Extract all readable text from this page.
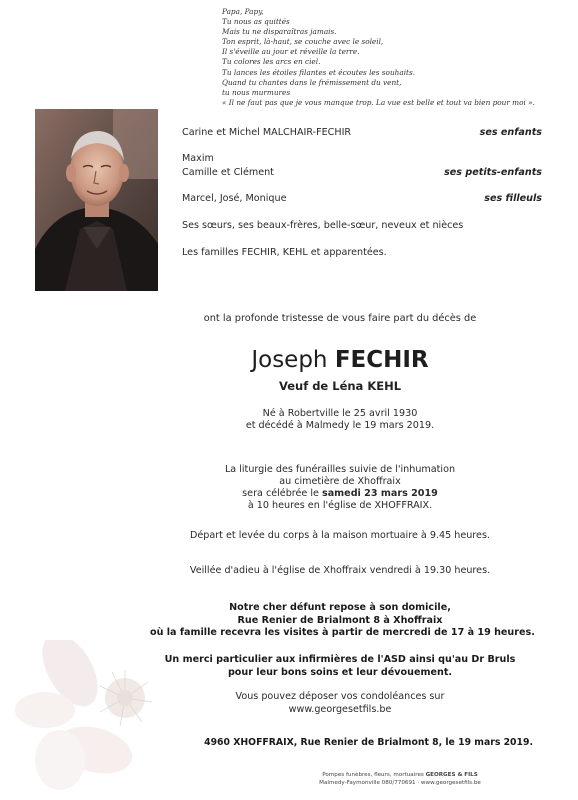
Papa, Papy,
Tu nous as quittés
Mais tu ne disparaîtras jamais.
Ton esprit, là-haut, se couche avec le soleil,
Il s'éveille au jour et réveille la terre.
Tu colores les arcs en ciel.
Tu lances les étoiles filantes et écoutes les souhaits.
Quand tu chantes dans le frémissement du vent,
tu nous murmures
« Il ne faut pas que je vous manque trop. La vue est belle et tout va bien pour moi ».
Carine et Michel MALCHAIR-FECHIR	ses enfants
Maxim
Camille et Clément	ses petits-enfants
Marcel, José, Monique	ses filleuls
Ses sœurs, ses beaux-frères, belle-sœur, neveux et nièces
Les familles FECHIR, KEHL et apparentées.
ont la profonde tristesse de vous faire part du décès de
Joseph FECHIR
Veuf de Léna KEHL
Né à Robertville le 25 avril 1930
et décédé à Malmedy le 19 mars 2019.
La liturgie des funérailles suivie de l'inhumation
au cimetière de Xhoffraix
sera célébrée le samedi 23 mars 2019
à 10 heures en l'église de XHOFFRAIX.
Départ et levée du corps à la maison mortuaire à 9.45 heures.
Veillée d'adieu à l'église de Xhoffraix vendredi à 19.30 heures.
Notre cher défunt repose à son domicile,
Rue Renier de Brialmont 8 à Xhoffraix
où la famille recevra les visites à partir de mercredi de 17 à 19 heures.
Un merci particulier aux infirmières de l'ASD ainsi qu'au Dr Bruls
pour leur bons soins et leur dévouement.
Vous pouvez déposer vos condoléances sur
www.georgesetfils.be
4960 XHOFFRAIX, Rue Renier de Brialmont 8, le 19 mars 2019.
Pompes funèbres, fleurs, mortuaires GEORGES & FILS
Malmedy-Faymonville 080/770691 · www.georgesetfils.be
